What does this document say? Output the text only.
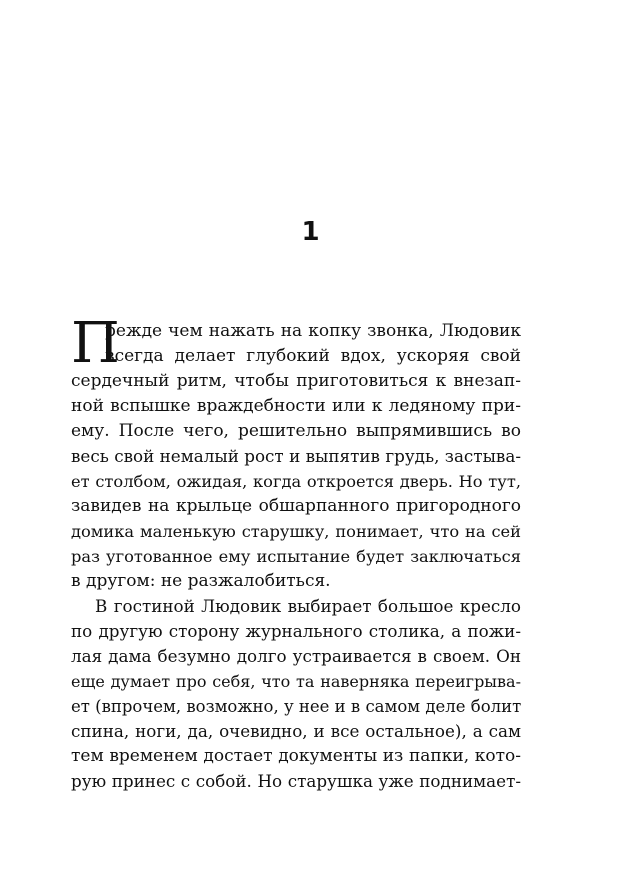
1
П
режде чем нажать на копку звонка, Людовик
всегда делает глубокий вдох, ускоряя свой
сердечный ритм, чтобы приготовиться к внезап-
ной вспышке враждебности или к ледяному при-
ему. После чего, решительно выпрямившись во
весь свой немалый рост и выпятив грудь, застыва-
ет столбом, ожидая, когда откроется дверь. Но тут,
завидев на крыльце обшарпанного пригородного
домика маленькую старушку, понимает, что на сей
раз уготованное ему испытание будет заключаться
в другом: не разжалобиться.
В гостиной Людовик выбирает большое кресло
по другую сторону журнального столика, а пожи-
лая дама безумно долго устраивается в своем. Он
еще думает про себя, что та наверняка переигрыва-
ет (впрочем, возможно, у нее и в самом деле болит
спина, ноги, да, очевидно, и все остальное), а сам
тем временем достает документы из папки, кото-
рую принес с собой. Но старушка уже поднимает-
